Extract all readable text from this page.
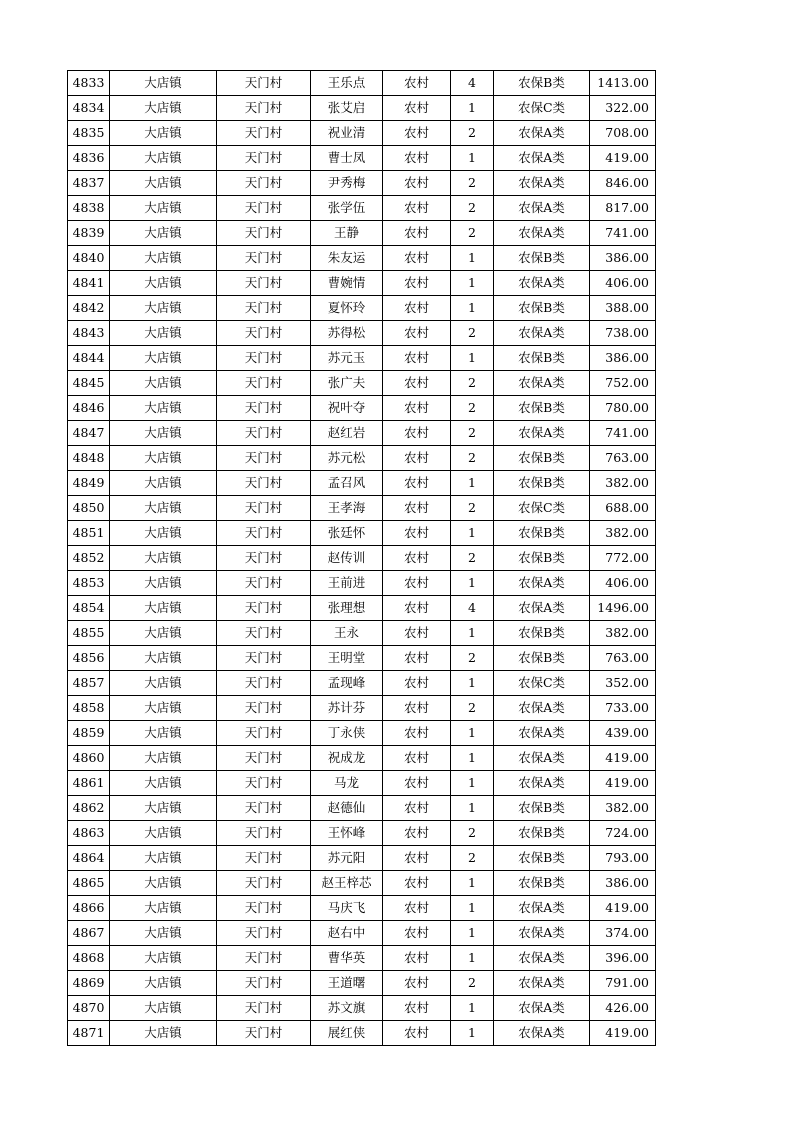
4833	大店镇	天门村	王乐点	农村	4	农保B类	1413.00
4834	大店镇	天门村	张艾启	农村	1	农保C类	322.00
4835	大店镇	天门村	祝业清	农村	2	农保A类	708.00
4836	大店镇	天门村	曹士凤	农村	1	农保A类	419.00
4837	大店镇	天门村	尹秀梅	农村	2	农保A类	846.00
4838	大店镇	天门村	张学伍	农村	2	农保A类	817.00
4839	大店镇	天门村	王静	农村	2	农保A类	741.00
4840	大店镇	天门村	朱友运	农村	1	农保B类	386.00
4841	大店镇	天门村	曹婉情	农村	1	农保A类	406.00
4842	大店镇	天门村	夏怀玲	农村	1	农保B类	388.00
4843	大店镇	天门村	苏得松	农村	2	农保A类	738.00
4844	大店镇	天门村	苏元玉	农村	1	农保B类	386.00
4845	大店镇	天门村	张广夫	农村	2	农保A类	752.00
4846	大店镇	天门村	祝叶夺	农村	2	农保B类	780.00
4847	大店镇	天门村	赵红岩	农村	2	农保A类	741.00
4848	大店镇	天门村	苏元松	农村	2	农保B类	763.00
4849	大店镇	天门村	孟召风	农村	1	农保B类	382.00
4850	大店镇	天门村	王孝海	农村	2	农保C类	688.00
4851	大店镇	天门村	张廷怀	农村	1	农保B类	382.00
4852	大店镇	天门村	赵传训	农村	2	农保B类	772.00
4853	大店镇	天门村	王前进	农村	1	农保A类	406.00
4854	大店镇	天门村	张理想	农村	4	农保A类	1496.00
4855	大店镇	天门村	王永	农村	1	农保B类	382.00
4856	大店镇	天门村	王明堂	农村	2	农保B类	763.00
4857	大店镇	天门村	孟现峰	农村	1	农保C类	352.00
4858	大店镇	天门村	苏计芬	农村	2	农保A类	733.00
4859	大店镇	天门村	丁永侠	农村	1	农保A类	439.00
4860	大店镇	天门村	祝成龙	农村	1	农保A类	419.00
4861	大店镇	天门村	马龙	农村	1	农保A类	419.00
4862	大店镇	天门村	赵德仙	农村	1	农保B类	382.00
4863	大店镇	天门村	王怀峰	农村	2	农保B类	724.00
4864	大店镇	天门村	苏元阳	农村	2	农保B类	793.00
4865	大店镇	天门村	赵王梓芯	农村	1	农保B类	386.00
4866	大店镇	天门村	马庆飞	农村	1	农保A类	419.00
4867	大店镇	天门村	赵右中	农村	1	农保A类	374.00
4868	大店镇	天门村	曹华英	农村	1	农保A类	396.00
4869	大店镇	天门村	王道曙	农村	2	农保A类	791.00
4870	大店镇	天门村	苏文旗	农村	1	农保A类	426.00
4871	大店镇	天门村	展红侠	农村	1	农保A类	419.00
